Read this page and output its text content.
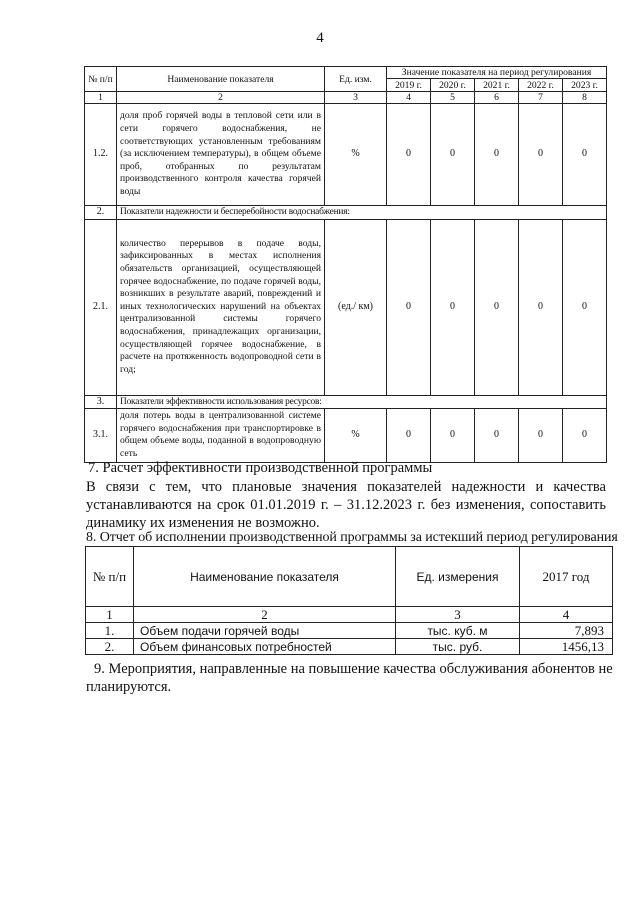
4
№ п/п	Наименование показателя	Ед. изм.	Значение показателя на период регулирования				
			2019 г.	2020 г.	2021 г.	2022 г.	2023 г.
1	2	3	4	5	6	7	8
1.2.	доля проб горячей воды в тепловой сети или в сети горячего водоснабжения, не соответствующих установленным требованиям (за исключением температуры), в общем объеме проб, отобранных по результатам производственного контроля качества горячей воды	%	0	0	0	0	0
2.	Показатели надежности и бесперебойности водоснабжения:						
2.1.	количество перерывов в подаче воды, зафиксированных в местах исполнения обязательств организацией, осуществляющей горячее водоснабжение, по подаче горячей воды, возникших в результате аварий, повреждений и иных технологических нарушений на объектах централизованной системы горячего водоснабжения, принадлежащих организации, осуществляющей горячее водоснабжение, в расчете на протяженность водопроводной сети в год;	(ед./ км)	0	0	0	0	0
3.	Показатели эффективности использования ресурсов:						
3.1.	доля потерь воды в централизованной системе горячего водоснабжения при транспортировке в общем объеме воды, поданной в водопроводную сеть	%	0	0	0	0	0
7. Расчет эффективности производственной программы
В связи с тем, что плановые значения показателей надежности и качества устанавливаются на срок 01.01.2019 г. – 31.12.2023 г. без изменения, сопоставить динамику их изменения не возможно.
8. Отчет об исполнении производственной программы за истекший период регулирования
№ п/п	Наименование показателя	Ед. измерения	2017 год
1	2	3	4
1.	Объем подачи горячей воды	тыс. куб. м	7,893
2.	Объем финансовых потребностей	тыс. руб.	1456,13
9. Мероприятия, направленные на повышение качества обслуживания абонентов не планируются.
